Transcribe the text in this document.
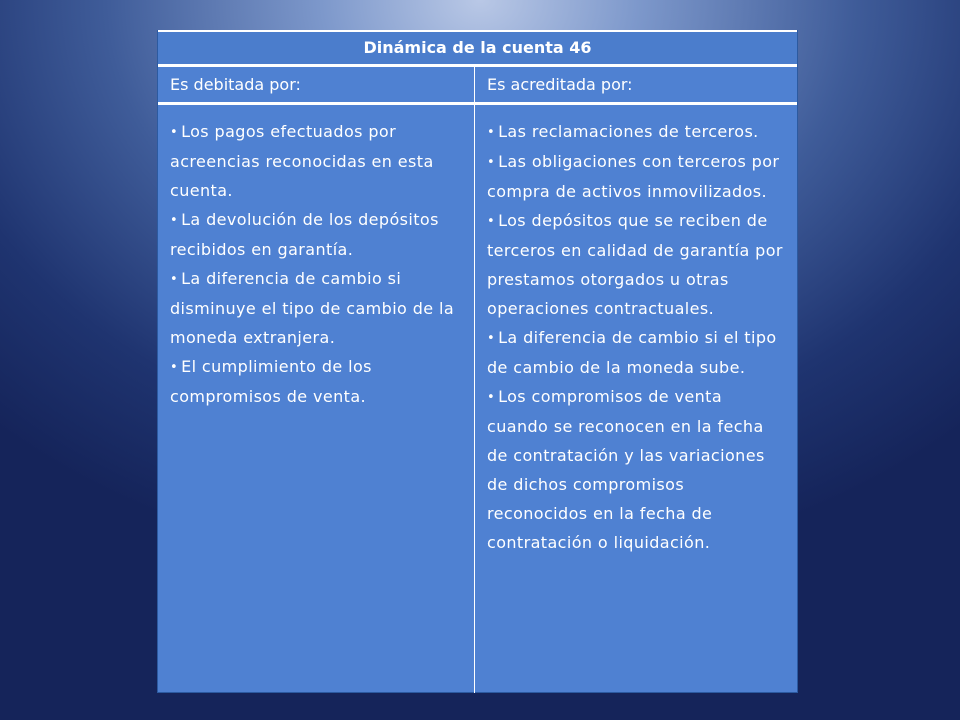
Dinámica de la cuenta 46
Es debitada por:	Es acreditada por:
• Los pagos efectuados por acreencias reconocidas en esta cuenta.
• La devolución de los depósitos recibidos en garantía.
• La diferencia de cambio si disminuye el tipo de cambio de la moneda extranjera.
• El cumplimiento de los compromisos de venta.
• Las reclamaciones de terceros.
• Las obligaciones con terceros por compra de activos inmovilizados.
• Los depósitos que se reciben de terceros en calidad de garantía por prestamos otorgados u otras operaciones contractuales.
• La diferencia de cambio si el tipo de cambio de la moneda sube.
• Los compromisos de venta cuando se reconocen en la fecha de contratación y las variaciones de dichos compromisos reconocidos en la fecha de contratación o liquidación.
